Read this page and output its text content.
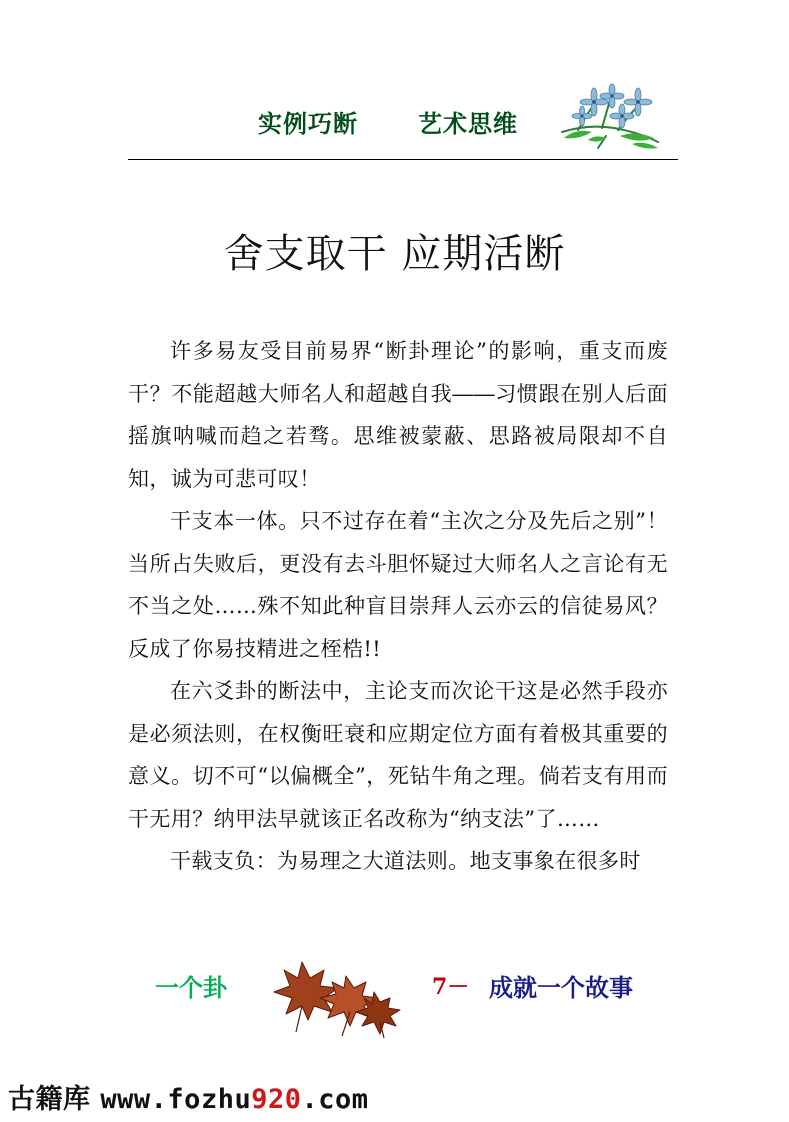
实例巧断	艺术思维
舍支取干 应期活断

许多易友受目前易界“断卦理论”的影响，重支而废干？不能超越大师名人和超越自我――习惯跟在别人后面摇旗呐喊而趋之若骛。思维被蒙蔽、思路被局限却不自知，诚为可悲可叹！

干支本一体。只不过存在着“主次之分及先后之别”！当所占失败后，更没有去斗胆怀疑过大师名人之言论有无不当之处……殊不知此种盲目崇拜人云亦云的信徒易风？反成了你易技精进之桎梏!!

在六爻卦的断法中，主论支而次论干这是必然手段亦是必须法则，在权衡旺衰和应期定位方面有着极其重要的意义。切不可“以偏概全”，死钻牛角之理。倘若支有用而干无用？纳甲法早就该正名改称为“纳支法”了……

干载支负：为易理之大道法则。地支事象在很多时

一个卦	7－ 成就一个故事
古籍库 www.fozhu920.com
